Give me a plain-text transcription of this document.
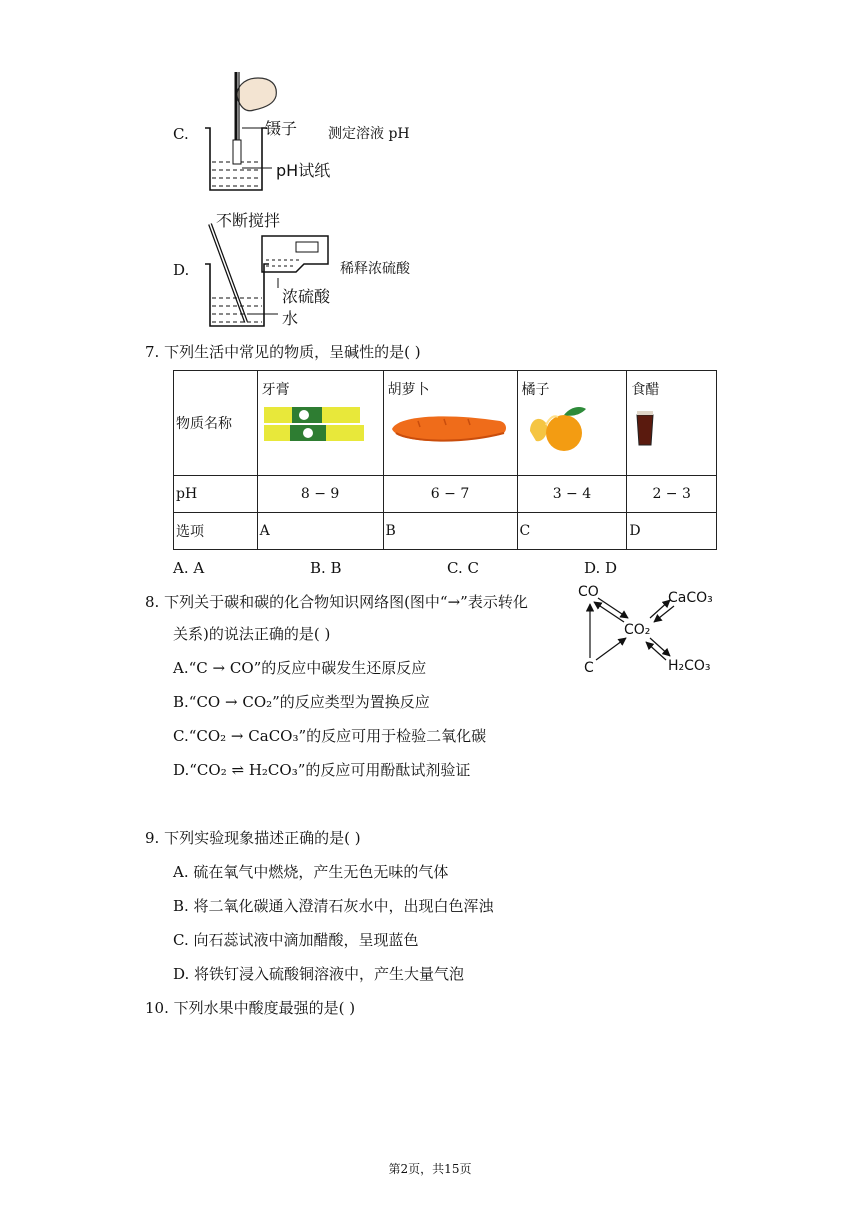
C.	镊子
pH试纸
测定溶液 pH
不断搅拌
D.
浓硫酸
水
稀释浓硫酸
7. 下列生活中常见的物质，呈碱性的是( )
物质名称	牙膏	胡萝卜	橘子	食醋

pH	8 − 9	6 − 7	3 − 4	2 − 3
选项	A	B	C	D
A. A	B. B	C. C	D. D
8. 下列关于碳和碳的化合物知识网络图(图中“→”表示转化
关系)的说法正确的是( )
CO	CaCO₃
CO₂
C	H₂CO₃
A.“C → CO”的反应中碳发生还原反应
B.“CO → CO₂”的反应类型为置换反应
C.“CO₂ → CaCO₃”的反应可用于检验二氧化碳
D.“CO₂ ⇌ H₂CO₃”的反应可用酚酞试剂验证
9. 下列实验现象描述正确的是( )
A. 硫在氧气中燃烧，产生无色无味的气体
B. 将二氧化碳通入澄清石灰水中，出现白色浑浊
C. 向石蕊试液中滴加醋酸，呈现蓝色
D. 将铁钉浸入硫酸铜溶液中，产生大量气泡
10. 下列水果中酸度最强的是( )
第2页，共15页
